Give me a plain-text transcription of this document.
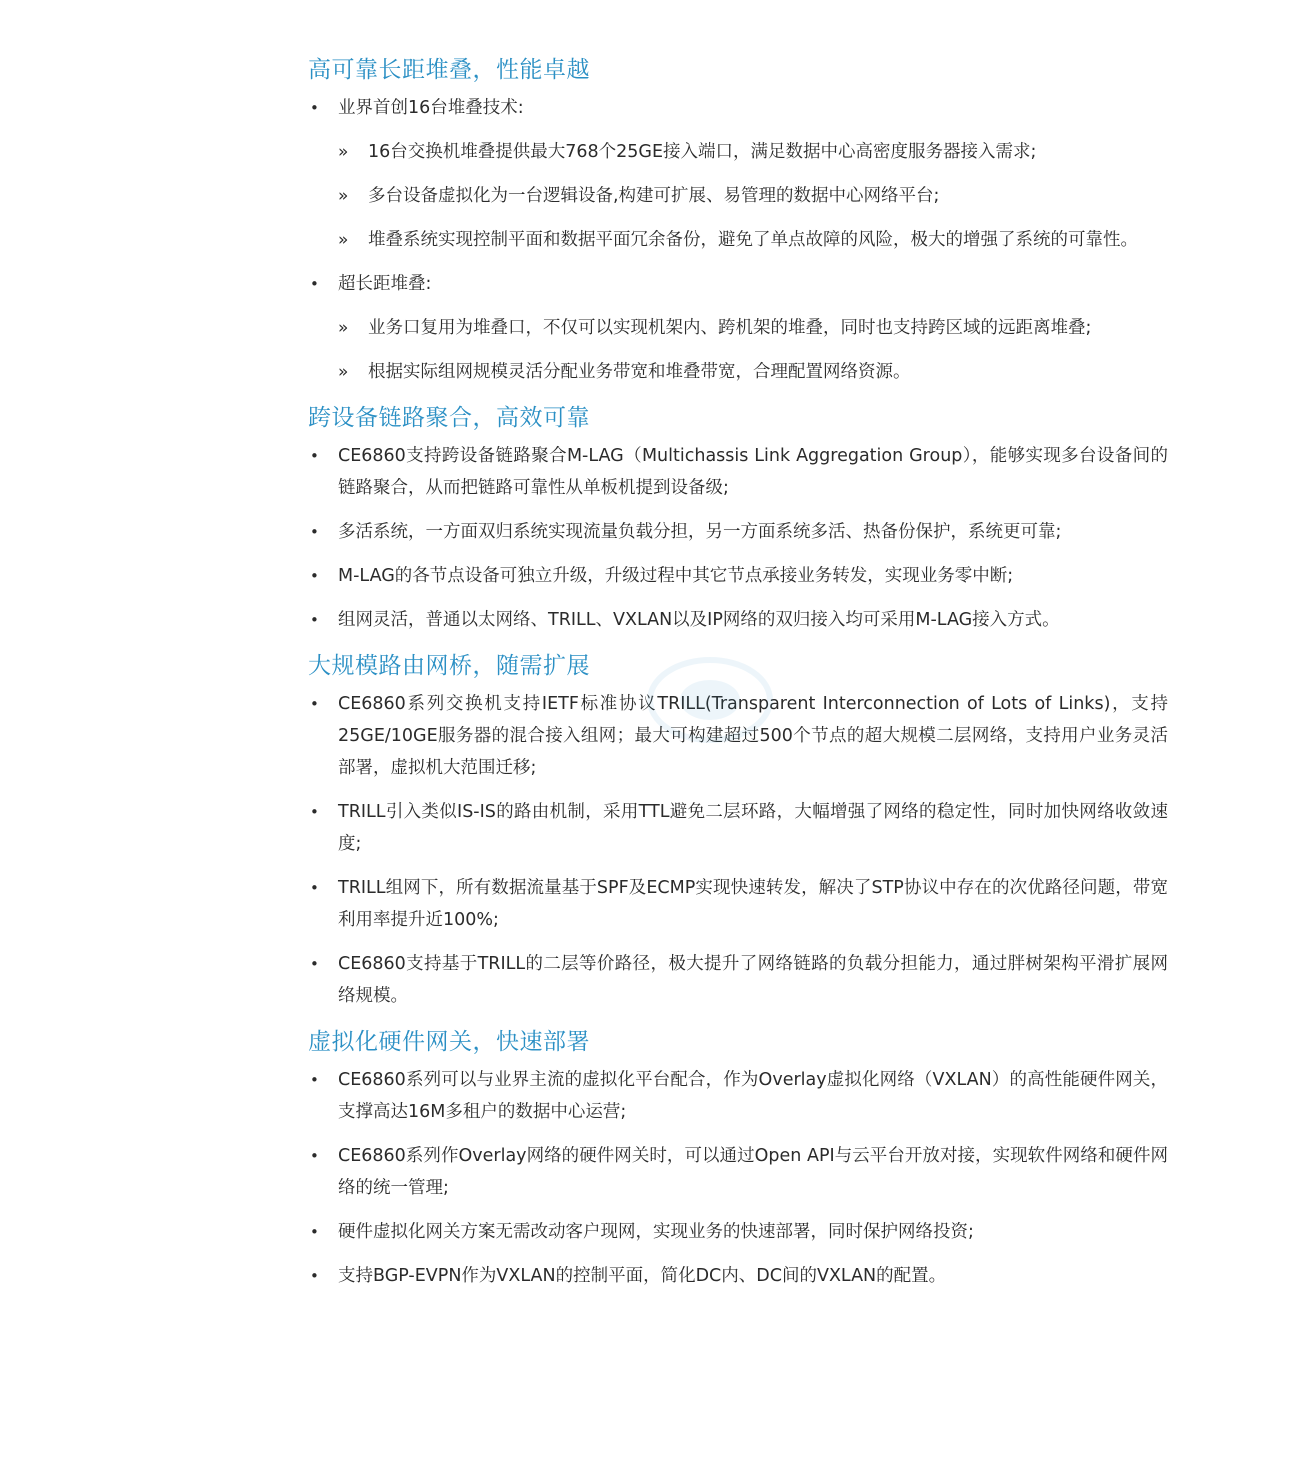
高可靠长距堆叠，性能卓越
• 业界首创16台堆叠技术:
» 16台交换机堆叠提供最大768个25GE接入端口，满足数据中心高密度服务器接入需求;
» 多台设备虚拟化为一台逻辑设备,构建可扩展、易管理的数据中心网络平台;
» 堆叠系统实现控制平面和数据平面冗余备份，避免了单点故障的风险，极大的增强了系统的可靠性。
• 超长距堆叠:
» 业务口复用为堆叠口，不仅可以实现机架内、跨机架的堆叠，同时也支持跨区域的远距离堆叠;
» 根据实际组网规模灵活分配业务带宽和堆叠带宽，合理配置网络资源。
跨设备链路聚合，高效可靠
• CE6860支持跨设备链路聚合M-LAG（Multichassis Link Aggregation Group），能够实现多台设备间的链路聚合，从而把链路可靠性从单板机提到设备级;
• 多活系统，一方面双归系统实现流量负载分担，另一方面系统多活、热备份保护，系统更可靠;
• M-LAG的各节点设备可独立升级，升级过程中其它节点承接业务转发，实现业务零中断;
• 组网灵活，普通以太网络、TRILL、VXLAN以及IP网络的双归接入均可采用M-LAG接入方式。
大规模路由网桥，随需扩展
• CE6860系列交换机支持IETF标准协议TRILL(Transparent Interconnection of Lots of Links)，支持25GE/10GE服务器的混合接入组网；最大可构建超过500个节点的超大规模二层网络，支持用户业务灵活部署，虚拟机大范围迁移;
• TRILL引入类似IS-IS的路由机制，采用TTL避免二层环路，大幅增强了网络的稳定性，同时加快网络收敛速度;
• TRILL组网下，所有数据流量基于SPF及ECMP实现快速转发，解决了STP协议中存在的次优路径问题，带宽利用率提升近100%;
• CE6860支持基于TRILL的二层等价路径，极大提升了网络链路的负载分担能力，通过胖树架构平滑扩展网络规模。
虚拟化硬件网关，快速部署
• CE6860系列可以与业界主流的虚拟化平台配合，作为Overlay虚拟化网络（VXLAN）的高性能硬件网关，支撑高达16M多租户的数据中心运营;
• CE6860系列作Overlay网络的硬件网关时，可以通过Open API与云平台开放对接，实现软件网络和硬件网络的统一管理;
• 硬件虚拟化网关方案无需改动客户现网，实现业务的快速部署，同时保护网络投资;
• 支持BGP-EVPN作为VXLAN的控制平面，简化DC内、DC间的VXLAN的配置。
